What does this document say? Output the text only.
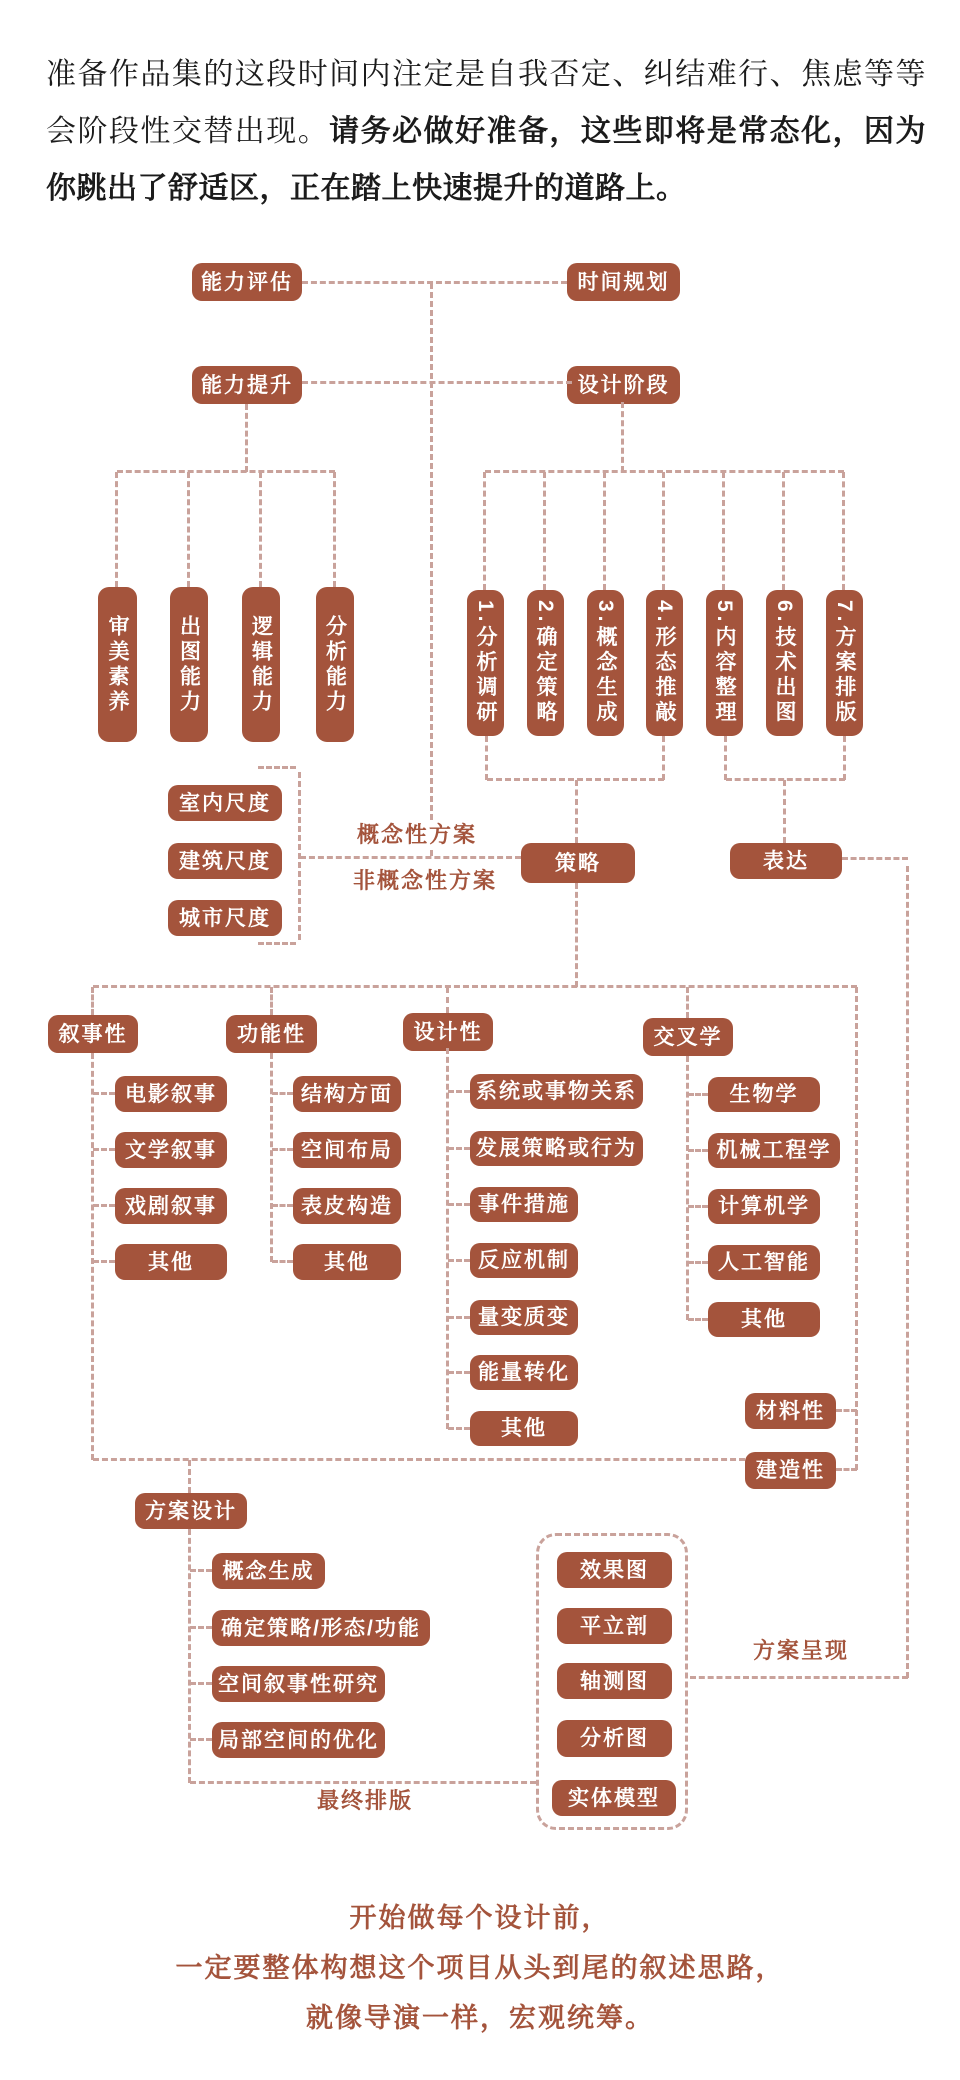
准备作品集的这段时间内注定是自我否定、纠结难行、焦虑等等会阶段性交替出现。请务必做好准备，这些即将是常态化，因为你跳出了舒适区，正在踏上快速提升的道路上。

能力评估	时间规划
能力提升	设计阶段
审美素养 出图能力 逻辑能力 分析能力	1.分析调研 2.确定策略 3.概念生成 4.形态推敲 5.内容整理 6.技术出图 7.方案排版
室内尺度
建筑尺度
城市尺度
策略	表达
叙事性	功能性	设计性	交叉学
电影叙事
文学叙事
戏剧叙事
其他
结构方面
空间布局
表皮构造
其他
系统或事物关系
发展策略或行为
事件措施
反应机制
量变质变
能量转化
其他
生物学
机械工程学
计算机学
人工智能
其他
材料性
建造性
方案设计
概念生成
确定策略/形态/功能
空间叙事性研究
局部空间的优化
效果图
平立剖
轴测图
分析图
实体模型
概念性方案
非概念性方案
方案呈现
最终排版
开始做每个设计前，
一定要整体构想这个项目从头到尾的叙述思路，
就像导演一样，宏观统筹。
